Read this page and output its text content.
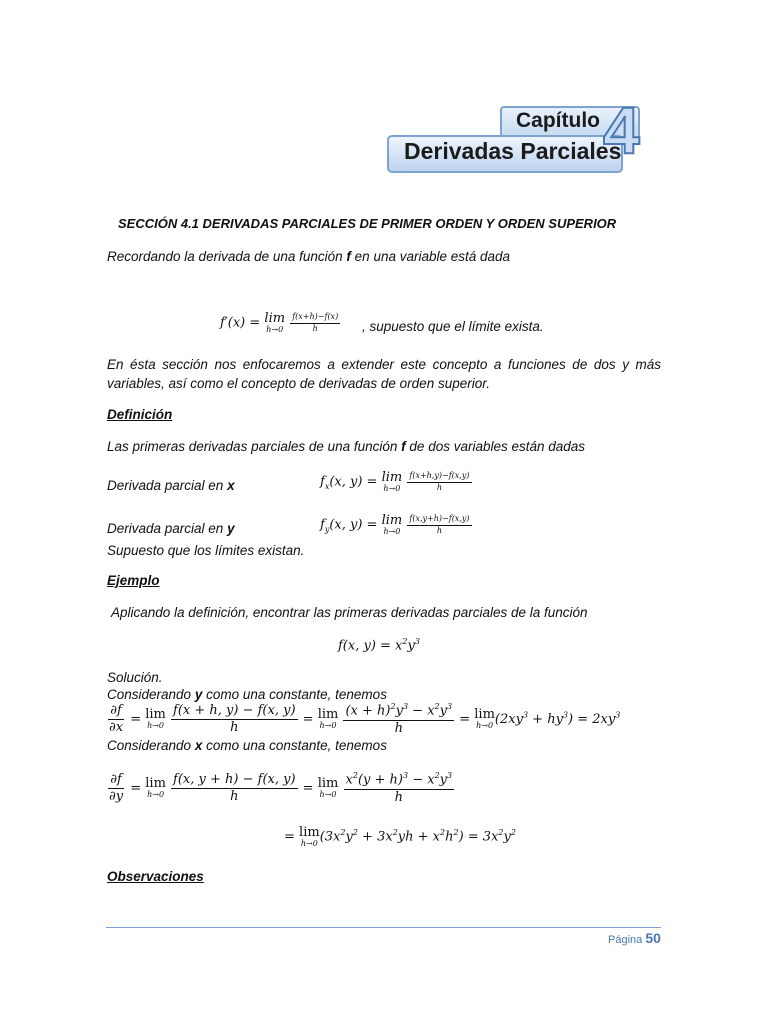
Capítulo
Derivadas Parciales
4
SECCIÓN 4.1 DERIVADAS PARCIALES DE PRIMER ORDEN Y ORDEN SUPERIOR
Recordando la derivada de una función f en una variable está dada
f′(x) = lim
h→0
$\frac{f(x+h)-f(x)}{h}$ , supuesto que el límite exista.
En ésta sección nos enfocaremos a extender este concepto a funciones de dos y más variables, así como el concepto de derivadas de orden superior.
Definición
Las primeras derivadas parciales de una función f de dos variables están dadas
Derivada parcial en x	$f_x(x$, y) = lim
h→0
$\frac{f(x+h,y)-f(x,y)}{h}$
Derivada parcial en y	$f_y(x$, y) = lim
h→0
$\frac{f(x,y+h)-f(x,y)}{h}$
Supuesto que los límites existan.
Ejemplo
Aplicando la definición, encontrar las primeras derivadas parciales de la función
f(x, $y) = x^2y^3$
Solución.
Considerando y como una constante, tenemos
$\frac{\partial f}{\partial x} = \lim$
h→0
$\frac{f(x + h, y) - f(x, y)}{h} = \lim$
h→0
$\frac{(x + h)^2y^3 - x^2y^3}{h} = \lim$
h→0 $(2xy^3 + hy^3) = 2xy^3$
Considerando x como una constante, tenemos
$\frac{\partial f}{\partial y} = \lim$
h→0
$\frac{f(x, y + h) - f(x, y)}{h} = \lim$
h→0
$\frac{x^2(y + h)^3 - x^2y^3}{h}$
= lim
h→0 $(3x^2y^2 + 3x^2yh + x^2h^2) = 3x^2y^2$
Observaciones
Página 50
